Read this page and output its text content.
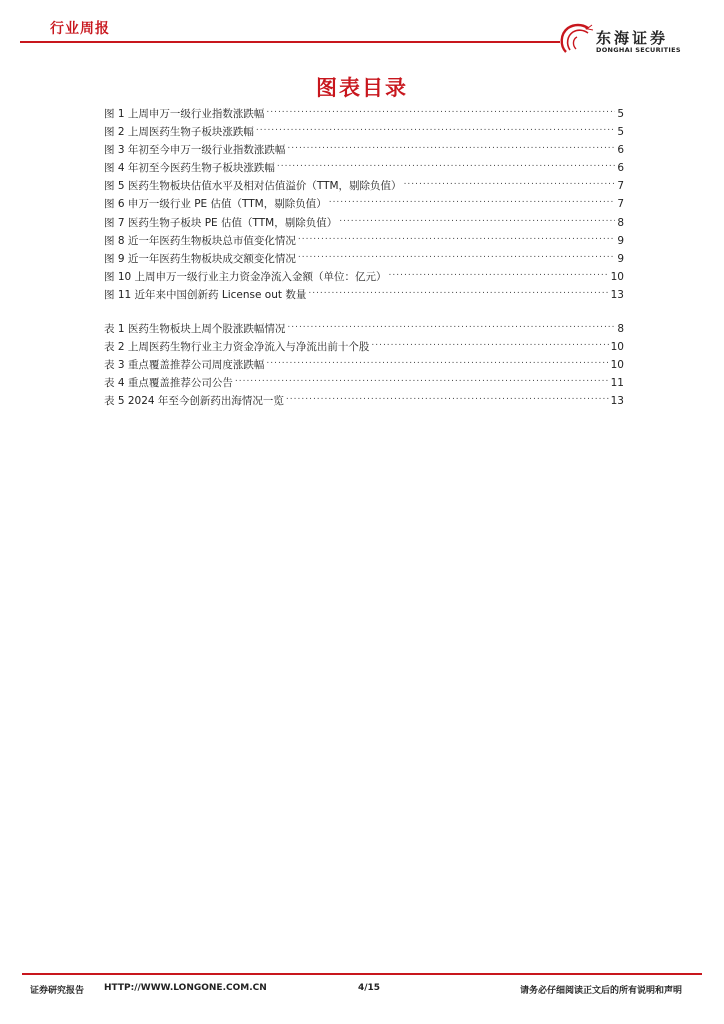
行业周报	东海证券
DONGHAI SECURITIES
图表目录
图 1 上周申万一级行业指数涨跌幅 .....	5
图 2 上周医药生物子板块涨跌幅 .....	5
图 3 年初至今申万一级行业指数涨跌幅 .....	6
图 4 年初至今医药生物子板块涨跌幅 .....	6
图 5 医药生物板块估值水平及相对估值溢价（TTM，剔除负值） .....	7
图 6 申万一级行业 PE 估值（TTM，剔除负值） .....	7
图 7 医药生物子板块 PE 估值（TTM，剔除负值） .....	8
图 8 近一年医药生物板块总市值变化情况 .....	9
图 9 近一年医药生物板块成交额变化情况 .....	9
图 10 上周申万一级行业主力资金净流入金额（单位：亿元） .....	10
图 11 近年来中国创新药 License out 数量 .....	13
表 1 医药生物板块上周个股涨跌幅情况 .....	8
表 2 上周医药生物行业主力资金净流入与净流出前十个股 .....	10
表 3 重点覆盖推荐公司周度涨跌幅 .....	10
表 4 重点覆盖推荐公司公告 .....	11
表 5 2024 年至今创新药出海情况一览 .....	13
证券研究报告 HTTP://WWW.LONGONE.COM.CN	4/15	请务必仔细阅读正文后的所有说明和声明
